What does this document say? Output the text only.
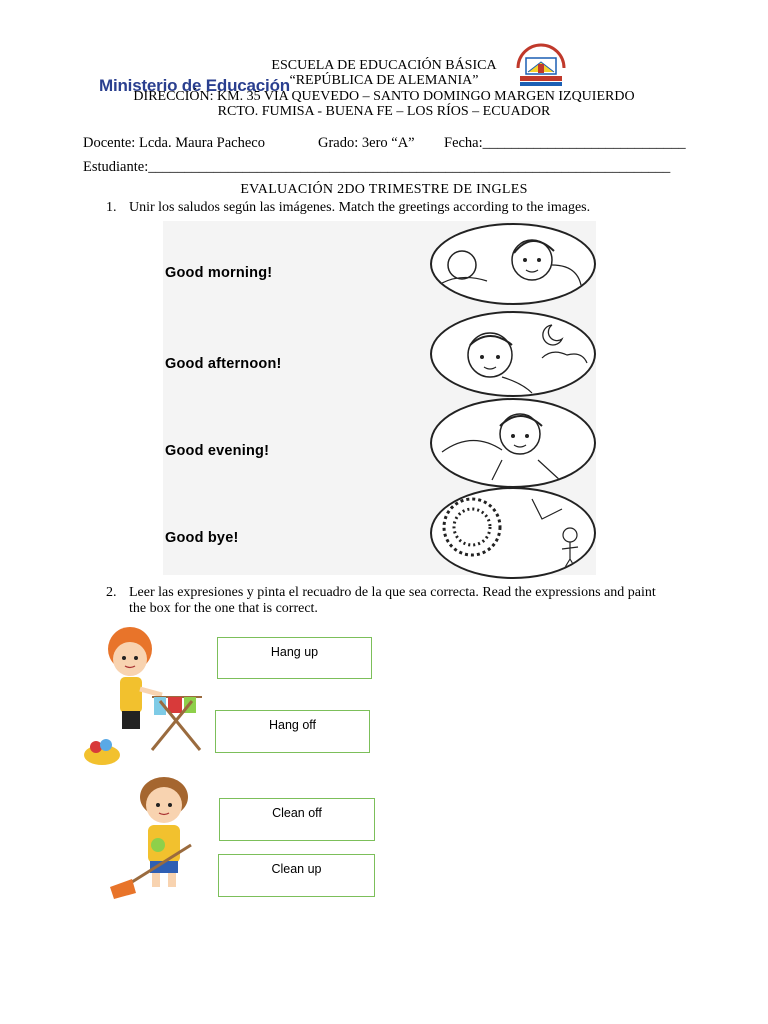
Ministerio de Educación
ESCUELA DE EDUCACIÓN BÁSICA
“REPÚBLICA DE ALEMANIA”
DIRECCIÓN: KM. 35 VIA QUEVEDO – SANTO DOMINGO MARGEN IZQUIERDO
RCTO. FUMISA - BUENA FE – LOS RÍOS – ECUADOR
Docente: Lcda. Maura Pacheco	Grado: 3ero “A” Fecha:____________________________
Estudiante:________________________________________________________________________
EVALUACIÓN 2DO TRIMESTRE DE INGLES
1. Unir los saludos según las imágenes. Match the greetings according to the images.
Good morning!
Good afternoon!
Good evening!
Good bye!
2. Leer las expresiones y pinta el recuadro de la que sea correcta. Read the expressions and paint
the box for the one that is correct.
Hang up
Hang off
Clean off
Clean up
